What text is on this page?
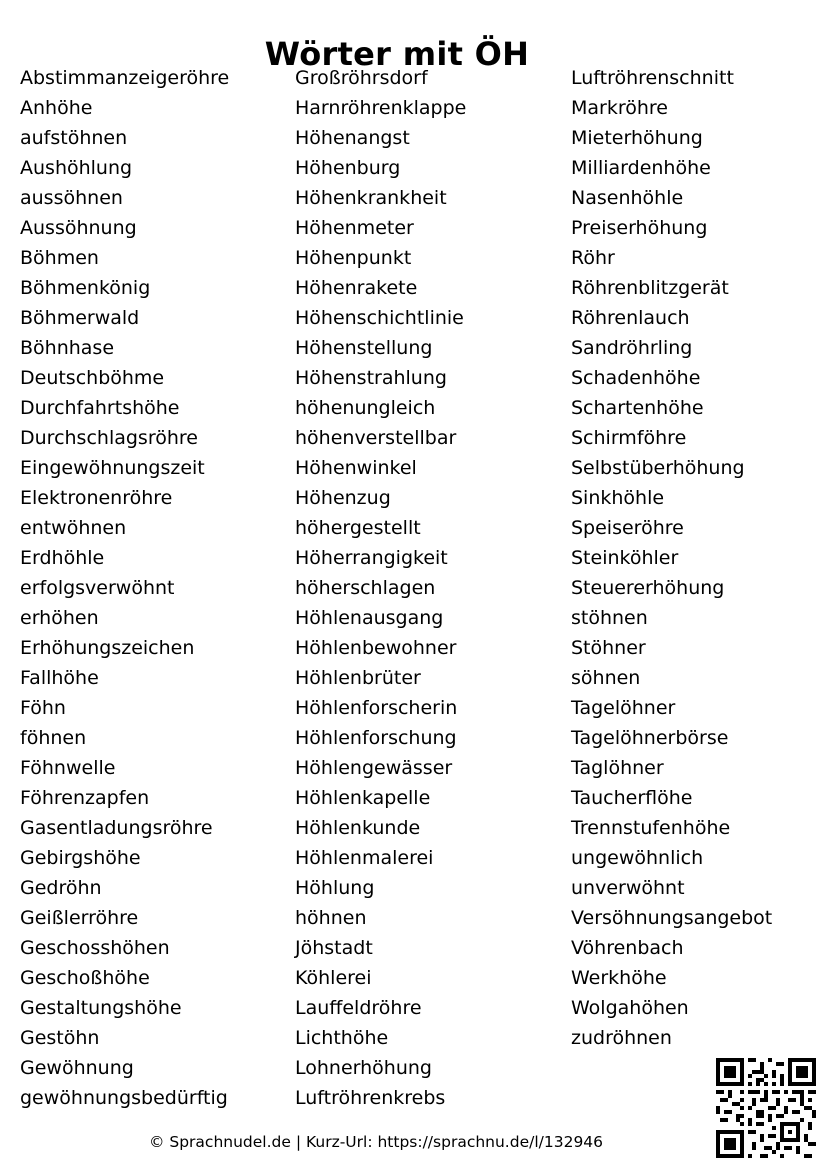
Wörter mit ÖH
Abstimmanzeigeröhre
Anhöhe
aufstöhnen
Aushöhlung
aussöhnen
Aussöhnung
Böhmen
Böhmenkönig
Böhmerwald
Böhnhase
Deutschböhme
Durchfahrtshöhe
Durchschlagsröhre
Eingewöhnungszeit
Elektronenröhre
entwöhnen
Erdhöhle
erfolgsverwöhnt
erhöhen
Erhöhungszeichen
Fallhöhe
Föhn
föhnen
Föhnwelle
Föhrenzapfen
Gasentladungsröhre
Gebirgshöhe
Gedröhn
Geißlerröhre
Geschosshöhen
Geschoßhöhe
Gestaltungshöhe
Gestöhn
Gewöhnung
gewöhnungsbedürftig
Großröhrsdorf
Harnröhrenklappe
Höhenangst
Höhenburg
Höhenkrankheit
Höhenmeter
Höhenpunkt
Höhenrakete
Höhenschichtlinie
Höhenstellung
Höhenstrahlung
höhenungleich
höhenverstellbar
Höhenwinkel
Höhenzug
höhergestellt
Höherrangigkeit
höherschlagen
Höhlenausgang
Höhlenbewohner
Höhlenbrüter
Höhlenforscherin
Höhlenforschung
Höhlengewässer
Höhlenkapelle
Höhlenkunde
Höhlenmalerei
Höhlung
höhnen
Jöhstadt
Köhlerei
Lauffeldröhre
Lichthöhe
Lohnerhöhung
Luftröhrenkrebs
Luftröhrenschnitt
Markröhre
Mieterhöhung
Milliardenhöhe
Nasenhöhle
Preiserhöhung
Röhr
Röhrenblitzgerät
Röhrenlauch
Sandröhrling
Schadenhöhe
Schartenhöhe
Schirmföhre
Selbstüberhöhung
Sinkhöhle
Speiseröhre
Steinköhler
Steuererhöhung
stöhnen
Stöhner
söhnen
Tagelöhner
Tagelöhnerbörse
Taglöhner
Taucherflöhe
Trennstufenhöhe
ungewöhnlich
unverwöhnt
Versöhnungsangebot
Vöhrenbach
Werkhöhe
Wolgahöhen
zudröhnen
© Sprachnudel.de | Kurz-Url: https://sprachnu.de/l/132946
